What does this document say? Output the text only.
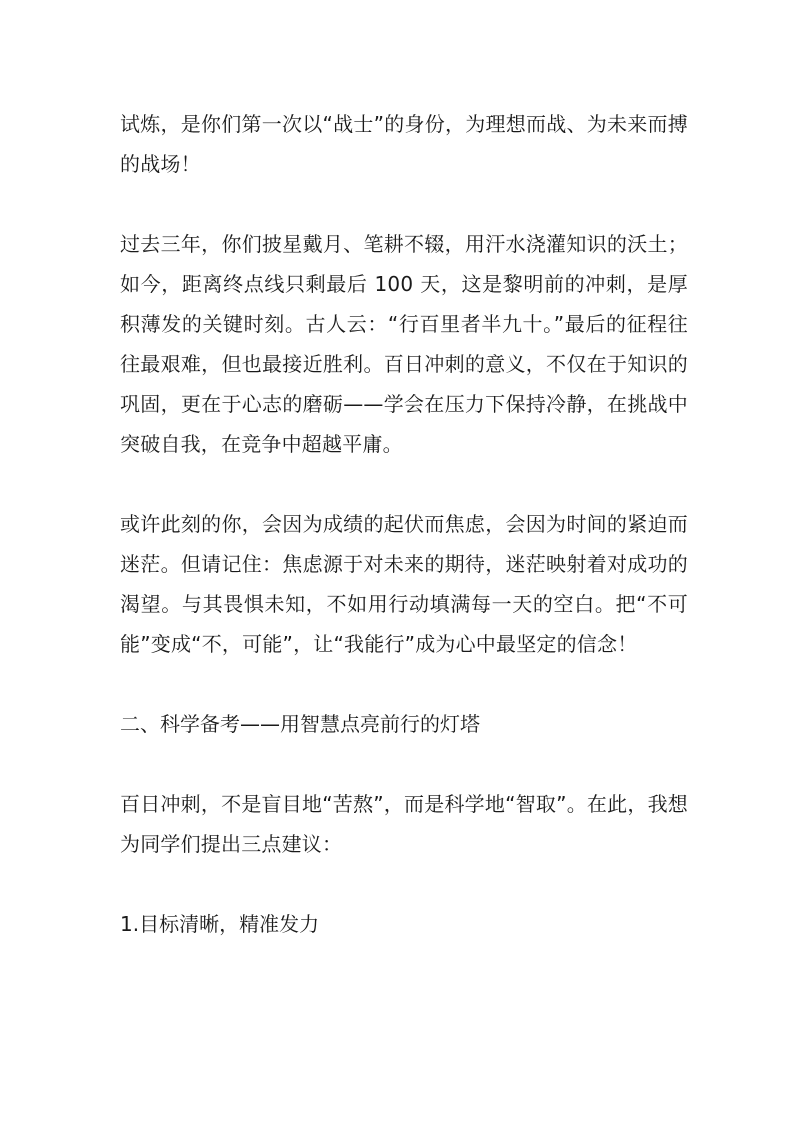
试炼，是你们第一次以“战士”的身份，为理想而战、为未来而搏的战场！

过去三年，你们披星戴月、笔耕不辍，用汗水浇灌知识的沃土；如今，距离终点线只剩最后 100 天，这是黎明前的冲刺，是厚积薄发的关键时刻。古人云：“行百里者半九十。”最后的征程往往最艰难，但也最接近胜利。百日冲刺的意义，不仅在于知识的巩固，更在于心志的磨砺——学会在压力下保持冷静，在挑战中突破自我，在竞争中超越平庸。

或许此刻的你，会因为成绩的起伏而焦虑，会因为时间的紧迫而迷茫。但请记住：焦虑源于对未来的期待，迷茫映射着对成功的渴望。与其畏惧未知，不如用行动填满每一天的空白。把“不可能”变成“不，可能”，让“我能行”成为心中最坚定的信念！

二、科学备考——用智慧点亮前行的灯塔

百日冲刺，不是盲目地“苦熬”，而是科学地“智取”。在此，我想为同学们提出三点建议：

1.目标清晰，精准发力
